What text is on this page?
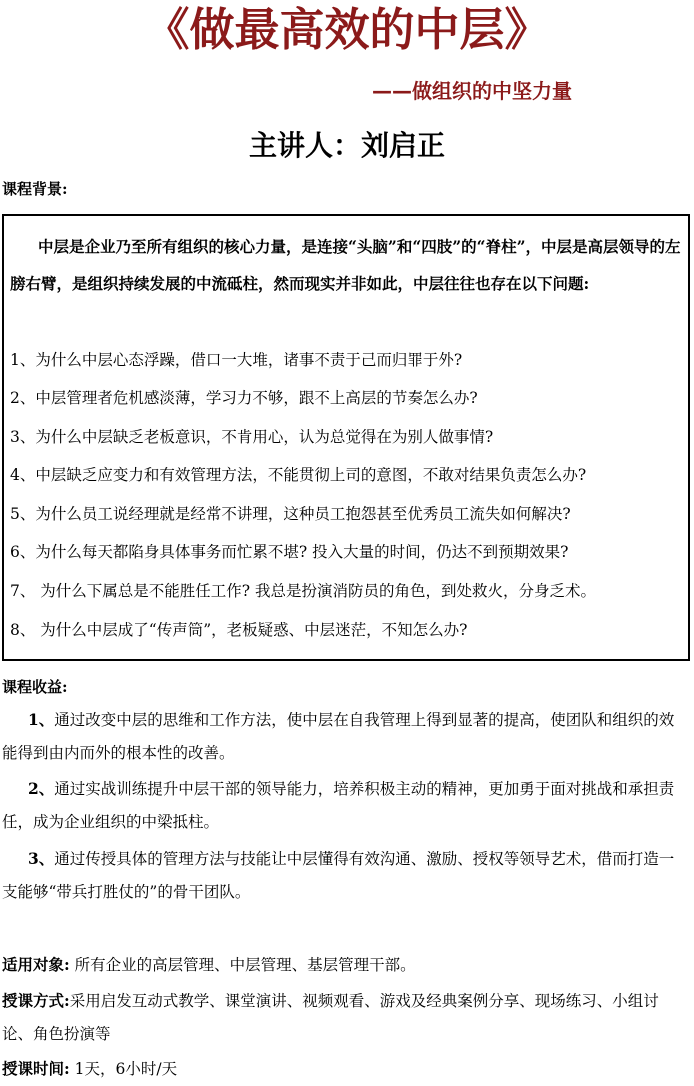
《做最高效的中层》
——做组织的中坚力量
主讲人：刘启正
课程背景:
中层是企业乃至所有组织的核心力量，是连接“头脑”和“四肢”的“脊柱”，中层是高层领导的左膀右臂，是组织持续发展的中流砥柱，然而现实并非如此，中层往往也存在以下问题:
1、为什么中层心态浮躁，借口一大堆，诸事不责于己而归罪于外?
2、中层管理者危机感淡薄，学习力不够，跟不上高层的节奏怎么办?
3、为什么中层缺乏老板意识，不肯用心，认为总觉得在为别人做事情?
4、中层缺乏应变力和有效管理方法，不能贯彻上司的意图，不敢对结果负责怎么办?
5、为什么员工说经理就是经常不讲理，这种员工抱怨甚至优秀员工流失如何解决?
6、为什么每天都陷身具体事务而忙累不堪? 投入大量的时间，仍达不到预期效果?
7、 为什么下属总是不能胜任工作? 我总是扮演消防员的角色，到处救火，分身乏术。
8、 为什么中层成了“传声筒”，老板疑惑、中层迷茫，不知怎么办?
课程收益:
1、通过改变中层的思维和工作方法，使中层在自我管理上得到显著的提高，使团队和组织的效能得到由内而外的根本性的改善。
2、通过实战训练提升中层干部的领导能力，培养积极主动的精神，更加勇于面对挑战和承担责任，成为企业组织的中梁抵柱。
3、通过传授具体的管理方法与技能让中层懂得有效沟通、激励、授权等领导艺术，借而打造一支能够“带兵打胜仗的”的骨干团队。
适用对象: 所有企业的高层管理、中层管理、基层管理干部。
授课方式:采用启发互动式教学、课堂演讲、视频观看、游戏及经典案例分享、现场练习、小组讨论、角色扮演等
授课时间: 1天，6小时/天
